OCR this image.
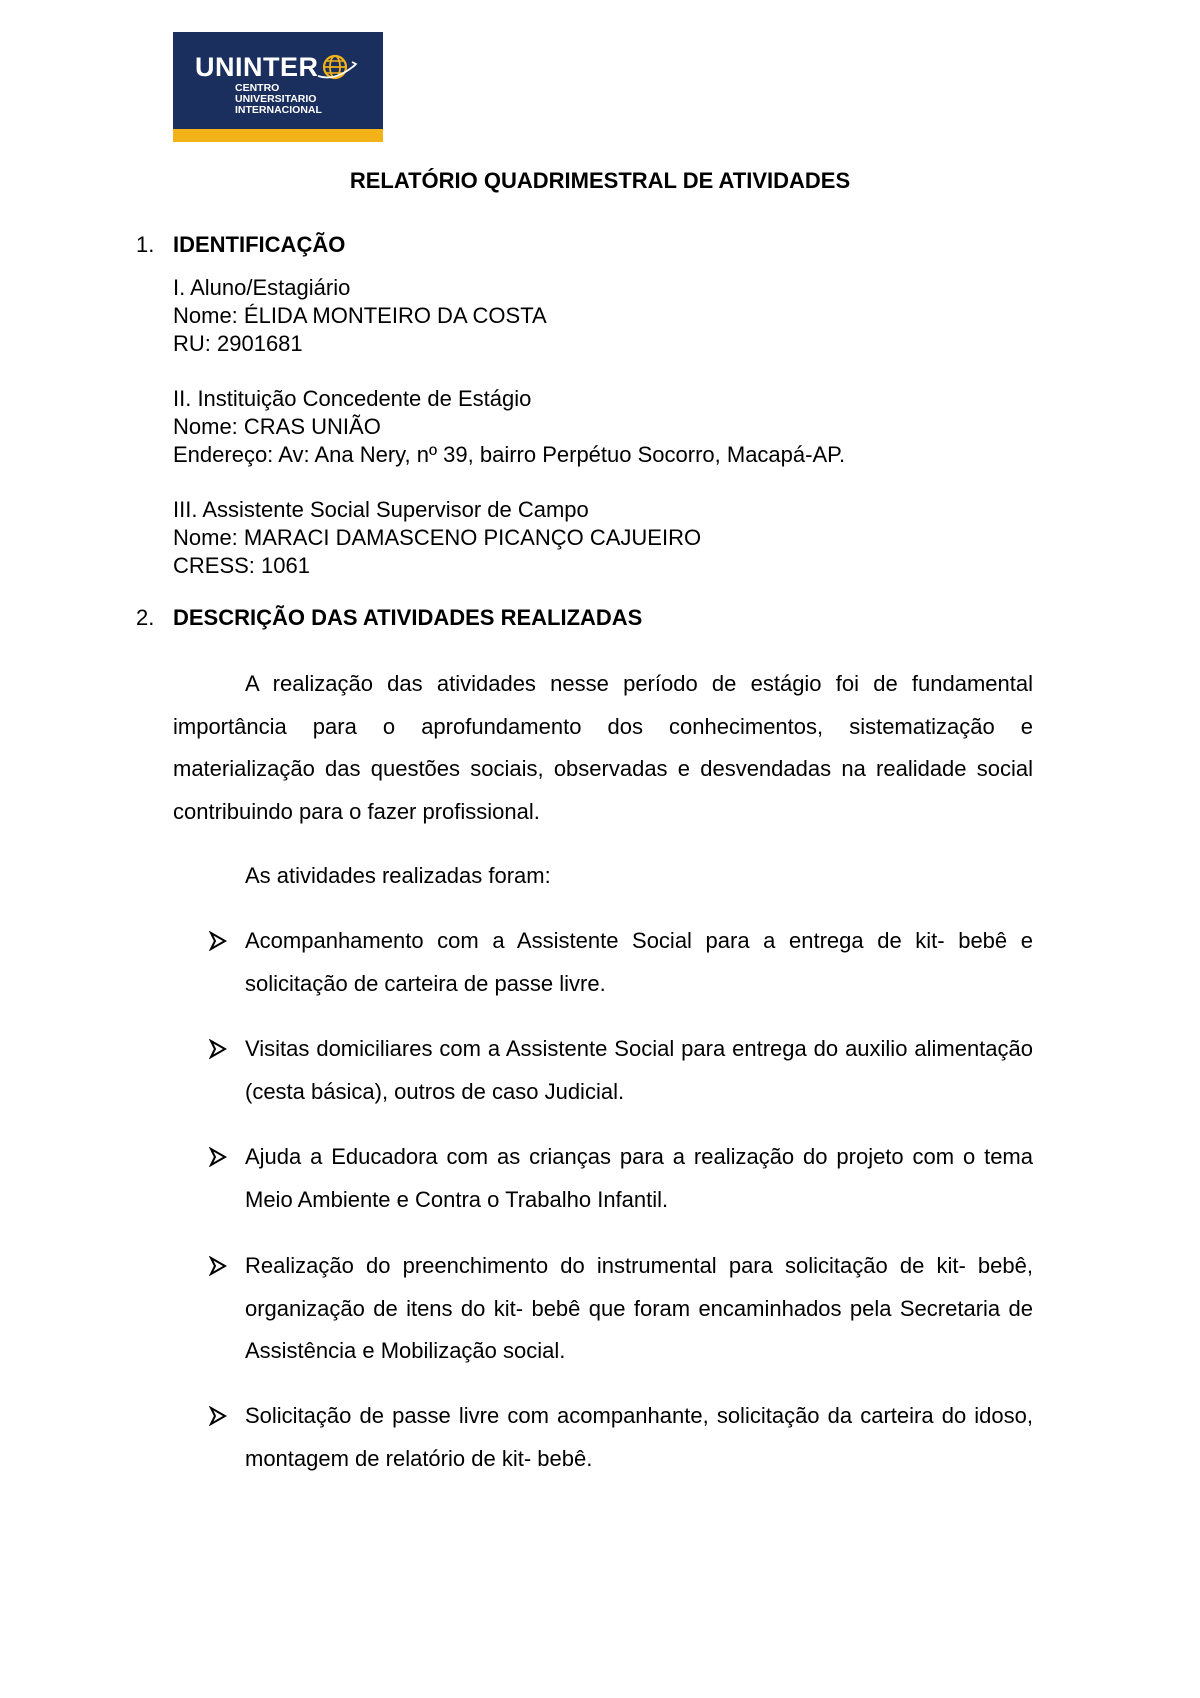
UNINTER
CENTRO
UNIVERSITARIO
INTERNACIONAL
RELATÓRIO QUADRIMESTRAL DE ATIVIDADES
1. IDENTIFICAÇÃO
I. Aluno/Estagiário
Nome: ÉLIDA MONTEIRO DA COSTA
RU: 2901681
II. Instituição Concedente de Estágio
Nome: CRAS UNIÃO
Endereço: Av: Ana Nery, nº 39, bairro Perpétuo Socorro, Macapá-AP.
III. Assistente Social Supervisor de Campo
Nome: MARACI DAMASCENO PICANÇO CAJUEIRO
CRESS: 1061
2. DESCRIÇÃO DAS ATIVIDADES REALIZADAS

A realização das atividades nesse período de estágio foi de fundamental importância para o aprofundamento dos conhecimentos, sistematização e materialização das questões sociais, observadas e desvendadas na realidade social contribuindo para o fazer profissional.

As atividades realizadas foram:

Acompanhamento com a Assistente Social para a entrega de kit- bebê e solicitação de carteira de passe livre.
Visitas domiciliares com a Assistente Social para entrega do auxilio alimentação (cesta básica), outros de caso Judicial.
Ajuda a Educadora com as crianças para a realização do projeto com o tema Meio Ambiente e Contra o Trabalho Infantil.
Realização do preenchimento do instrumental para solicitação de kit- bebê, organização de itens do kit- bebê que foram encaminhados pela Secretaria de Assistência e Mobilização social.
Solicitação de passe livre com acompanhante, solicitação da carteira do idoso, montagem de relatório de kit- bebê.
